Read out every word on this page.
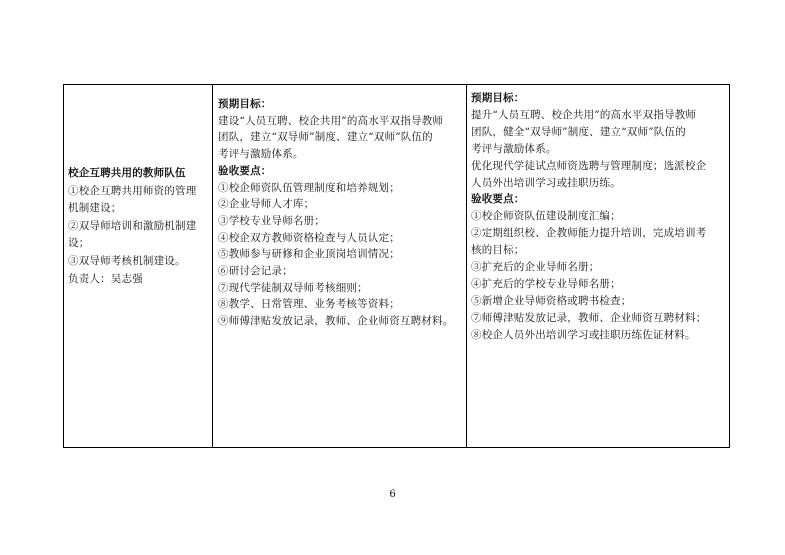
校企互聘共用的教师队伍
①校企互聘共用师资的管理
机制建设；
②双导师培训和激励机制建
设；
③双导师考核机制建设。
负责人：吴志强

预期目标：
建设“人员互聘、校企共用”的高水平双指导教师
团队，建立“双导师”制度、建立“双师”队伍的
考评与激励体系。
验收要点：
①校企师资队伍管理制度和培养规划；
②企业导师人才库；
③学校专业导师名册；
④校企双方教师资格检查与人员认定；
⑤教师参与研修和企业顶岗培训情况；
⑥研讨会记录；
⑦现代学徒制双导师考核细则；
⑧教学、日常管理、业务考核等资料；
⑨师傅津贴发放记录，教师、企业师资互聘材料。

预期目标：
提升“人员互聘、校企共用”的高水平双指导教师
团队，健全“双导师”制度、建立“双师”队伍的
考评与激励体系。
优化现代学徒试点师资选聘与管理制度；选派校企
人员外出培训学习或挂职历练。
验收要点：
①校企师资队伍建设制度汇编；
②定期组织校、企教师能力提升培训，完成培训考
核的目标；
③扩充后的企业导师名册；
④扩充后的学校专业导师名册；
⑤新增企业导师资格或聘书检查；
⑦师傅津贴发放记录，教师、企业师资互聘材料；
⑧校企人员外出培训学习或挂职历练佐证材料。
6
